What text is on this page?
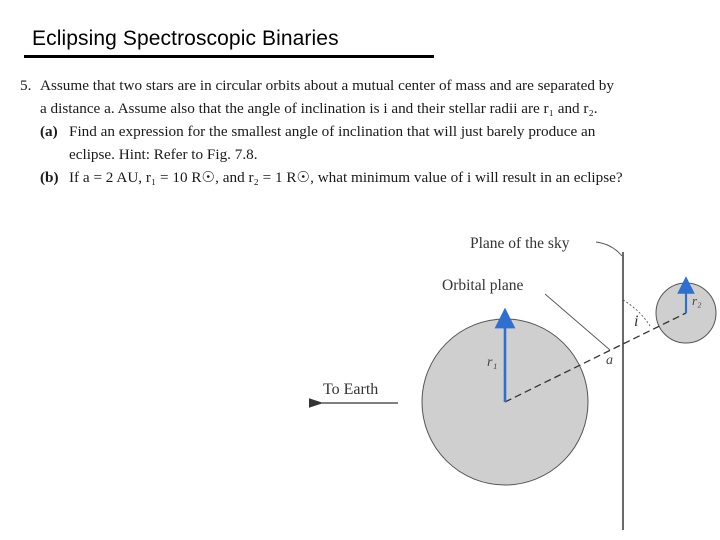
Eclipsing Spectroscopic Binaries
5. Assume that two stars are in circular orbits about a mutual center of mass and are separated by
a distance a. Assume also that the angle of inclination is i and their stellar radii are r₁ and r₂.
(a) Find an expression for the smallest angle of inclination that will just barely produce an
eclipse. Hint: Refer to Fig. 7.8.
(b) If a = 2 AU, r₁ = 10 R☉, and r₂ = 1 R☉, what minimum value of i will result in an eclipse?
Plane of the sky
Orbital plane
i
r₁
r₂
a
To Earth
